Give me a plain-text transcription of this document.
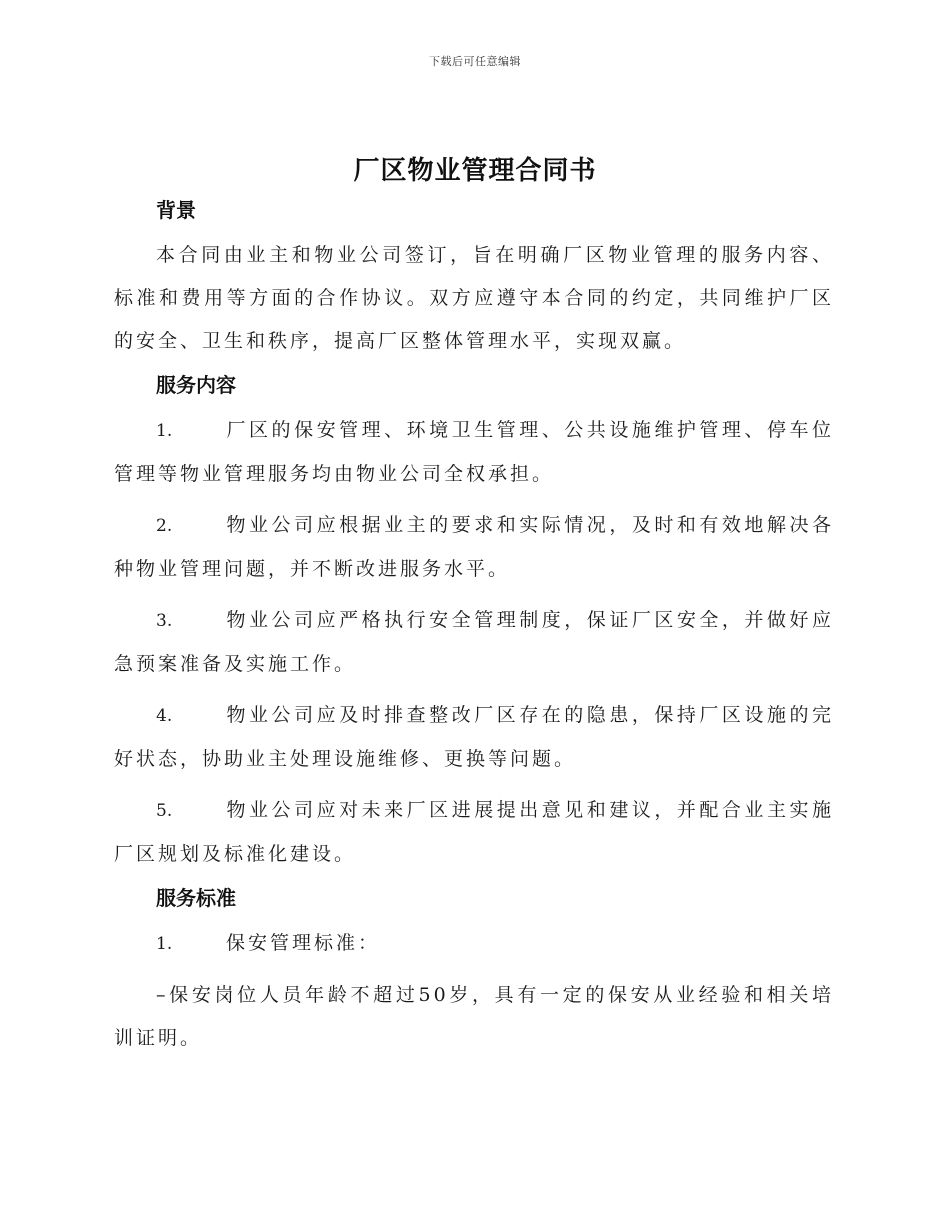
下载后可任意编辑
厂区物业管理合同书
背景

本合同由业主和物业公司签订，旨在明确厂区物业管理的服务内容、标准和费用等方面的合作协议。双方应遵守本合同的约定，共同维护厂区的安全、卫生和秩序，提高厂区整体管理水平，实现双赢。

服务内容

1.	厂区的保安管理、环境卫生管理、公共设施维护管理、停车位管理等物业管理服务均由物业公司全权承担。

2.	物业公司应根据业主的要求和实际情况，及时和有效地解决各种物业管理问题，并不断改进服务水平。

3.	物业公司应严格执行安全管理制度，保证厂区安全，并做好应急预案准备及实施工作。

4.	物业公司应及时排查整改厂区存在的隐患，保持厂区设施的完好状态，协助业主处理设施维修、更换等问题。

5.	物业公司应对未来厂区进展提出意见和建议，并配合业主实施厂区规划及标准化建设。

服务标准

1.	保安管理标准：

–保安岗位人员年龄不超过50岁，具有一定的保安从业经验和相关培训证明。
